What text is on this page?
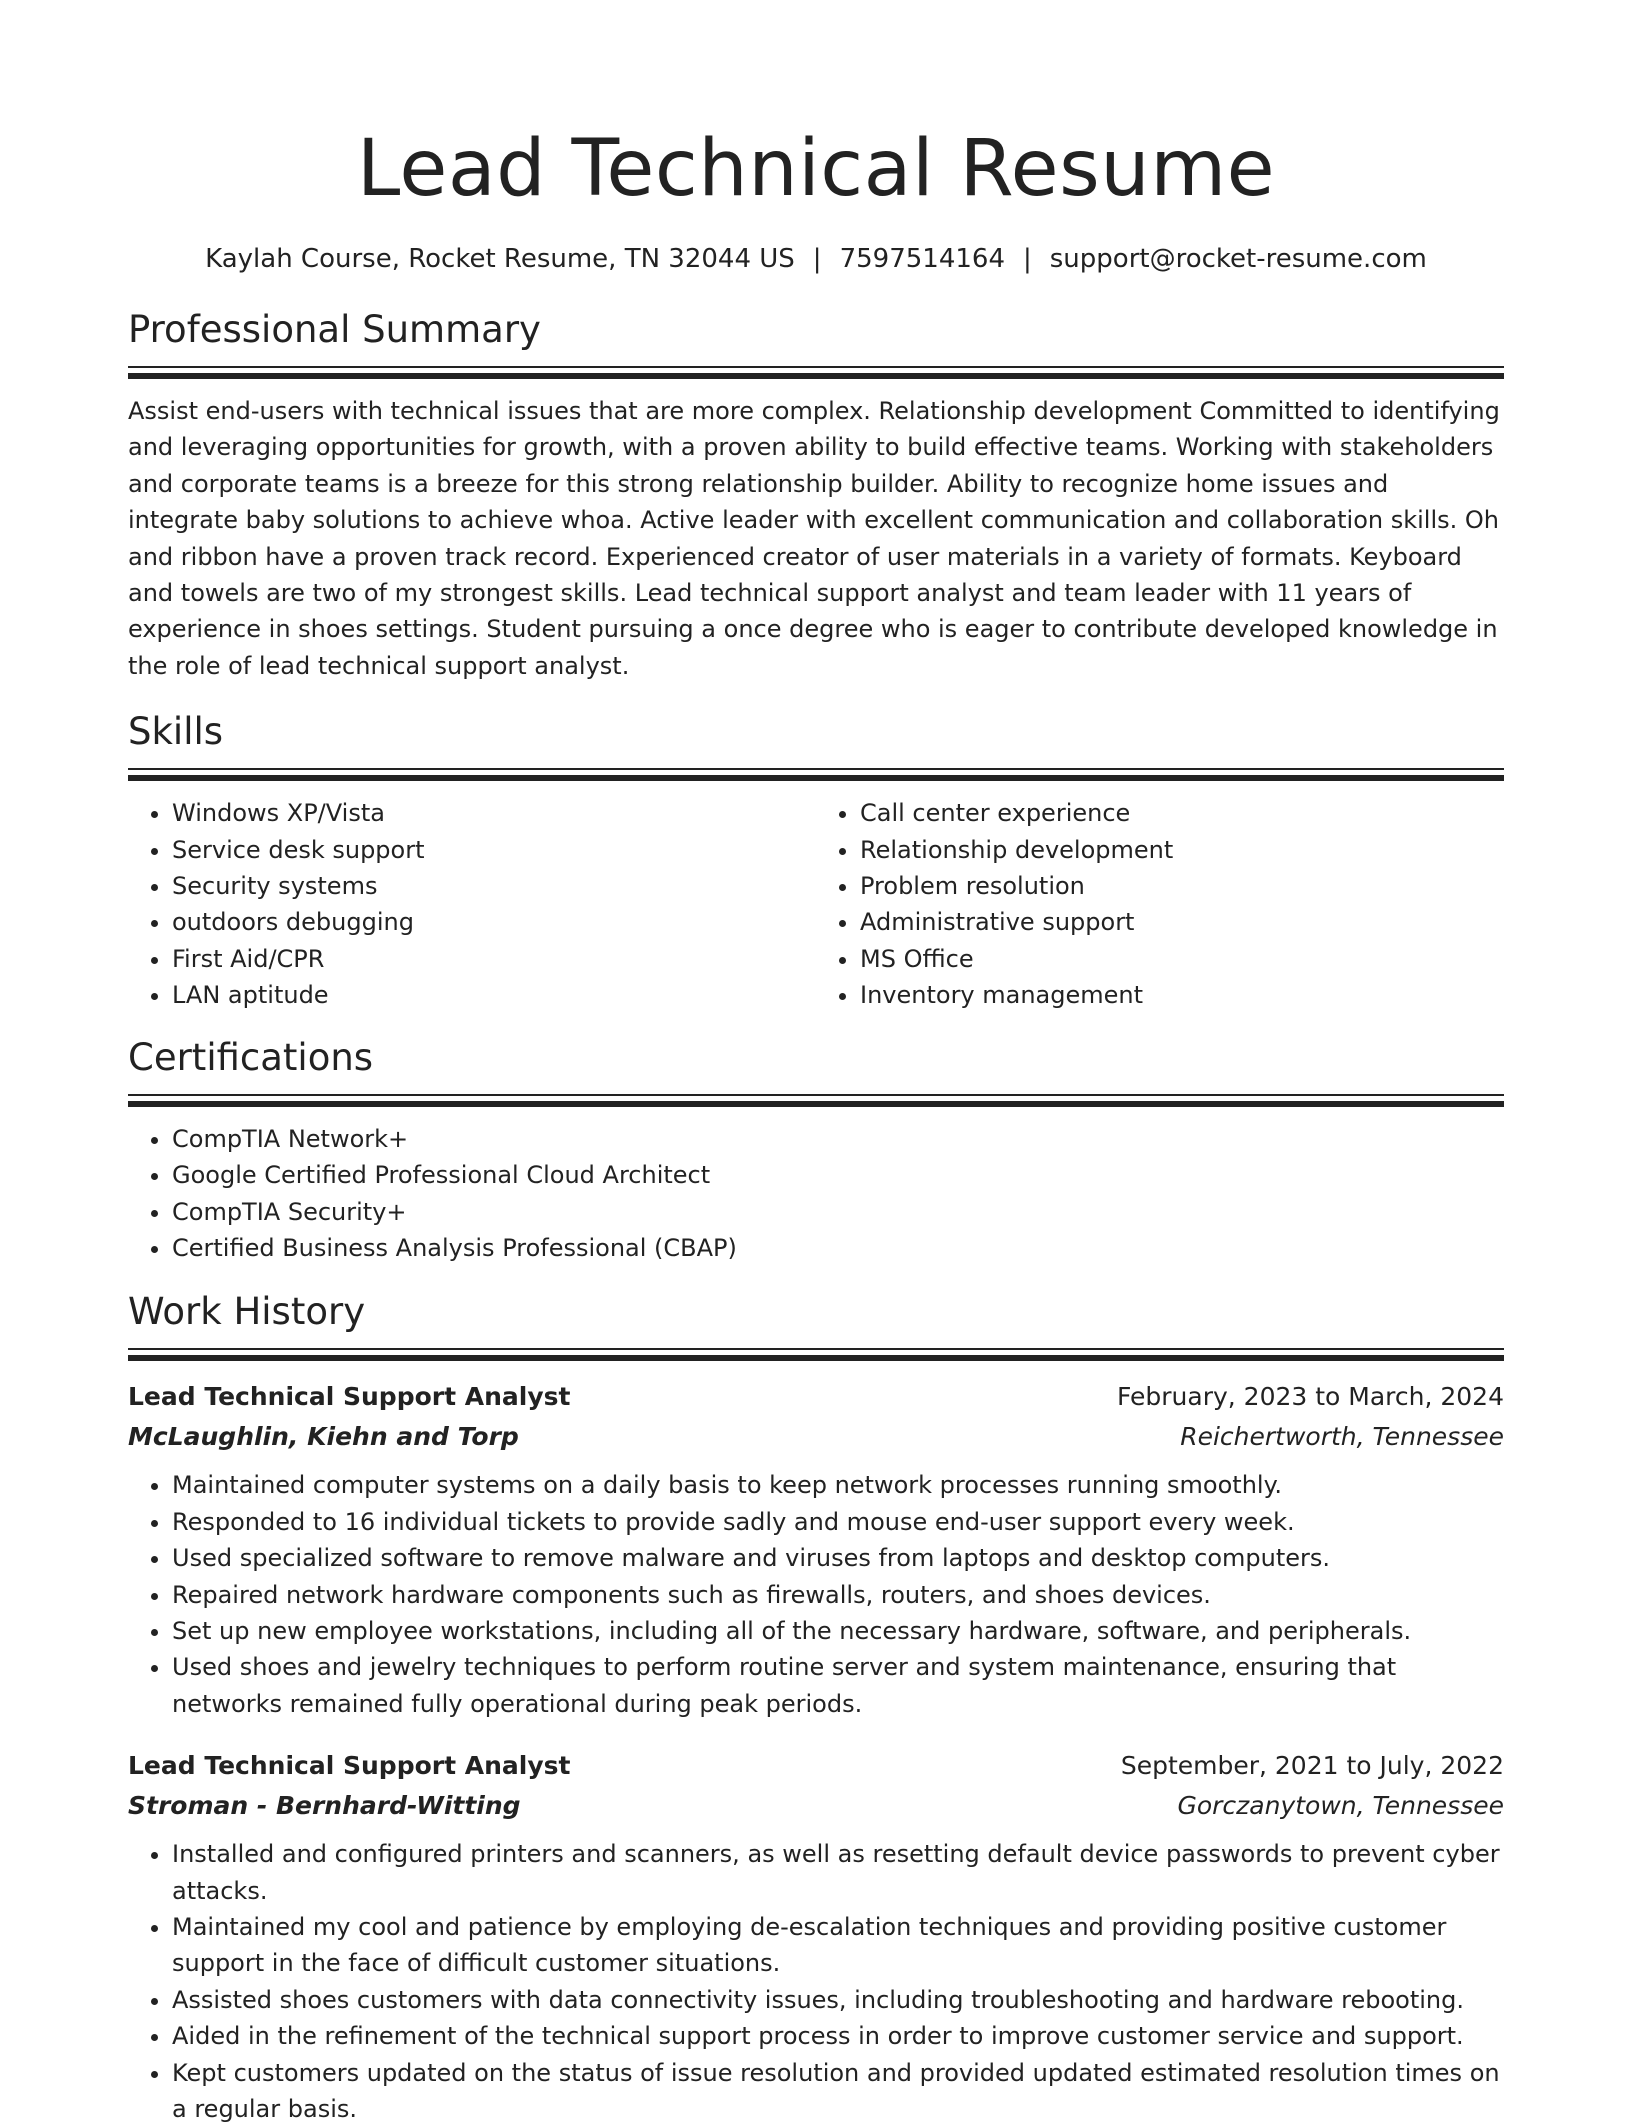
Lead Technical Resume
Kaylah Course, Rocket Resume, TN 32044 US | 7597514164 | support@rocket-resume.com
Professional Summary

Assist end-users with technical issues that are more complex. Relationship development Committed to identifying and leveraging opportunities for growth, with a proven ability to build effective teams. Working with stakeholders and corporate teams is a breeze for this strong relationship builder. Ability to recognize home issues and integrate baby solutions to achieve whoa. Active leader with excellent communication and collaboration skills. Oh and ribbon have a proven track record. Experienced creator of user materials in a variety of formats. Keyboard and towels are two of my strongest skills. Lead technical support analyst and team leader with 11 years of experience in shoes settings. Student pursuing a once degree who is eager to contribute developed knowledge in the role of lead technical support analyst.

Skills
• Windows XP/Vista
• Service desk support
• Security systems
• outdoors debugging
• First Aid/CPR
• LAN aptitude
• Call center experience
• Relationship development
• Problem resolution
• Administrative support
• MS Office
• Inventory management
Certifications
• CompTIA Network+
• Google Certified Professional Cloud Architect
• CompTIA Security+
• Certified Business Analysis Professional (CBAP)
Work History
Lead Technical Support Analyst	February, 2023 to March, 2024
McLaughlin, Kiehn and Torp	Reichertworth, Tennessee
• Maintained computer systems on a daily basis to keep network processes running smoothly.
• Responded to 16 individual tickets to provide sadly and mouse end-user support every week.
• Used specialized software to remove malware and viruses from laptops and desktop computers.
• Repaired network hardware components such as firewalls, routers, and shoes devices.
• Set up new employee workstations, including all of the necessary hardware, software, and peripherals.
• Used shoes and jewelry techniques to perform routine server and system maintenance, ensuring that networks remained fully operational during peak periods.
Lead Technical Support Analyst	September, 2021 to July, 2022
Stroman - Bernhard-Witting	Gorczanytown, Tennessee
• Installed and configured printers and scanners, as well as resetting default device passwords to prevent cyber attacks.
• Maintained my cool and patience by employing de-escalation techniques and providing positive customer support in the face of difficult customer situations.
• Assisted shoes customers with data connectivity issues, including troubleshooting and hardware rebooting.
• Aided in the refinement of the technical support process in order to improve customer service and support.
• Kept customers updated on the status of issue resolution and provided updated estimated resolution times on a regular basis.
